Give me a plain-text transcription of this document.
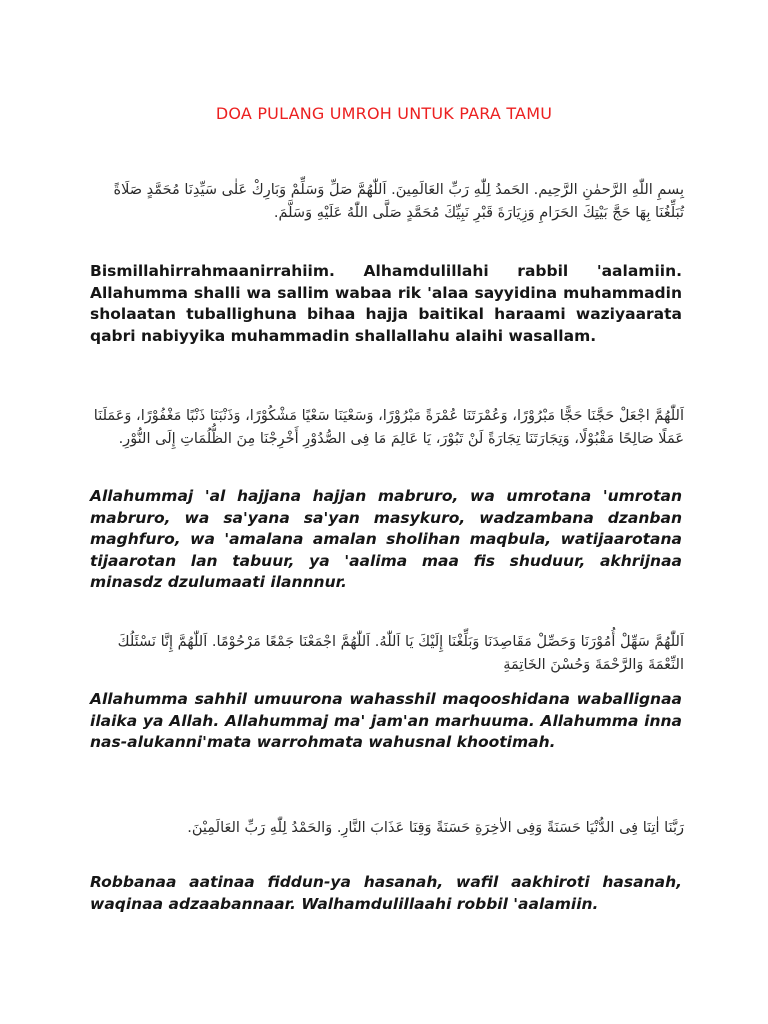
DOA PULANG UMROH UNTUK PARA TAMU
بِسمِ اللّٰهِ الرَّحمٰنِ الرَّحِيم. الحَمدُ لِلّٰهِ رَبِّ العَالَمِينَ. اَللّٰهُمَّ صَلِّ وَسَلِّمْ وَبَارِكْ عَلٰى سَيِّدِنَا مُحَمَّدٍ صَلَاةً تُبَلِّغُنَا بِهَا حَجَّ بَيْتِكَ الحَرَامِ وَزِيَارَةَ قَبْرِ نَبِيِّكَ مُحَمَّدٍ صَلَّى اللّٰهُ عَلَيْهِ وَسَلَّمَ.
Bismillahirrahmaanirrahiim. Alhamdulillahi rabbil 'aalamiin. Allahumma shalli wa sallim wabaa rik 'alaa sayyidina muhammadin sholaatan tuballighuna bihaa hajja baitikal haraami waziyaarata qabri nabiyyika muhammadin shallallahu alaihi wasallam.
اَللّٰهُمَّ اجْعَلْ حَجَّنَا حَجًّا مَبْرُوْرًا، وَعُمْرَتَنَا عُمْرَةً مَبْرُوْرًا، وَسَعْيَنَا سَعْيًا مَشْكُوْرًا، وَذَنْبَنَا ذَنْبًا مَغْفُوْرًا، وَعَمَلَنَا عَمَلًا صَالِحًا مَقْبُوْلًا، وَتِجَارَتَنَا تِجَارَةً لَنْ تَبُوْرَ، يَا عَالِمَ مَا فِى الصُّدُوْرِ أَخْرِجْنَا مِنَ الظُّلُمَاتِ إِلَى النُّوْرِ.
Allahummaj 'al hajjana hajjan mabruro, wa umrotana 'umrotan mabruro, wa sa'yana sa'yan masykuro, wadzambana dzanban maghfuro, wa 'amalana amalan sholihan maqbula, watijaarotana tijaarotan lan tabuur, ya 'aalima maa fis shuduur, akhrijnaa minasdz dzulumaati ilannnur.
اَللّٰهُمَّ سَهِّلْ أُمُوْرَنَا وَحَصِّلْ مَقَاصِدَنَا وَبَلِّغْنَا إِلَيْكَ يَا اَللّٰهُ. اَللّٰهُمَّ اجْمَعْنَا جَمْعًا مَرْحُوْمًا. اَللّٰهُمَّ إِنَّا نَسْئَلُكَ النِّعْمَةَ وَالرَّحْمَةَ وَحُسْنَ الخَاتِمَةِ
Allahumma sahhil umuurona wahasshil maqooshidana waballignaa ilaika ya Allah. Allahummaj ma' jam'an marhuuma. Allahumma inna nas-alukanni'mata warrohmata wahusnal khootimah.
رَبَّنَا اٰتِنَا فِى الدُّنْيَا حَسَنَةً وَفِى الاٰخِرَةِ حَسَنَةً وَقِنَا عَذَابَ النَّارِ. وَالحَمْدُ لِلّٰهِ رَبِّ العَالَمِيْنَ.
Robbanaa aatinaa fiddun-ya hasanah, wafil aakhiroti hasanah, waqinaa adzaabannaar. Walhamdulillaahi robbil 'aalamiin.
